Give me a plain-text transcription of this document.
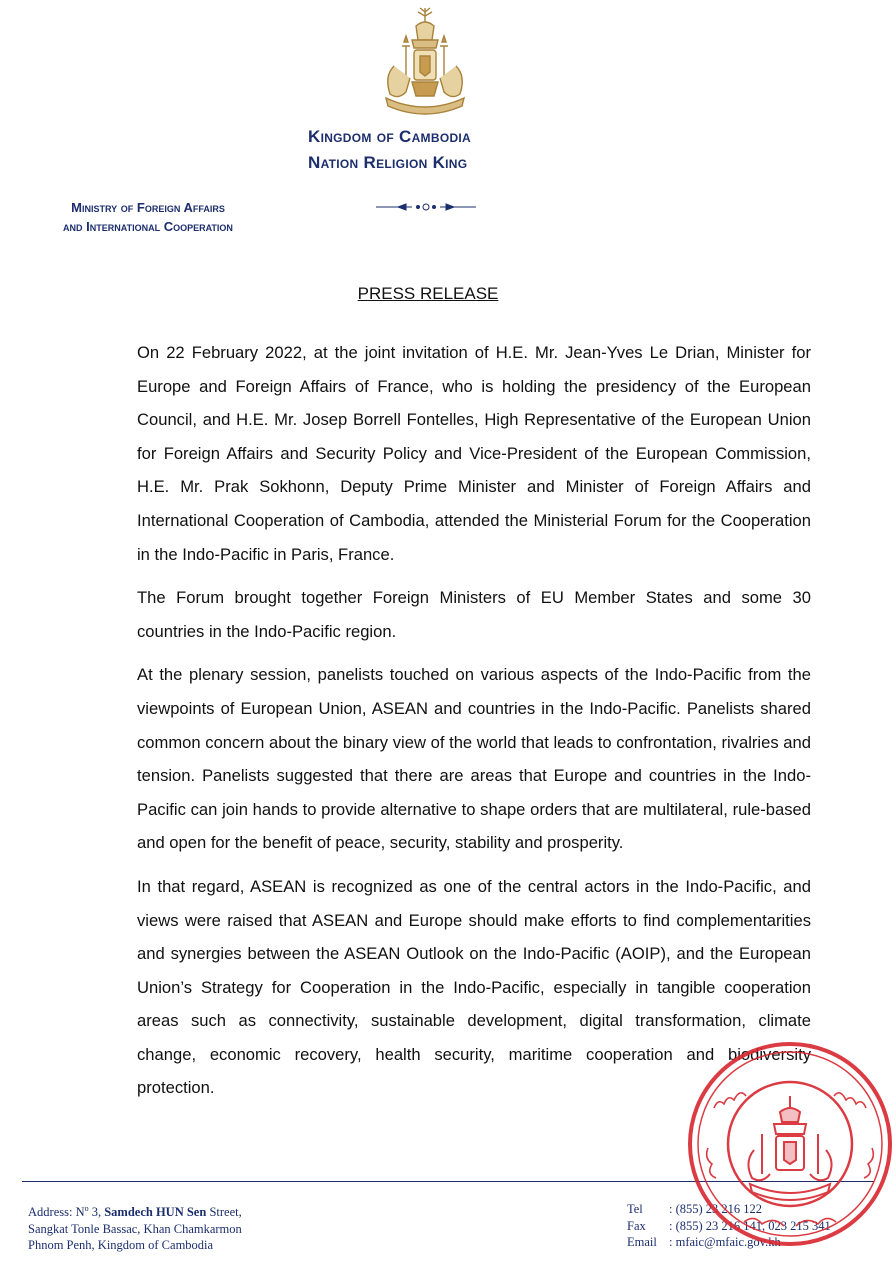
Kingdom of Cambodia
Nation Religion King
Ministry of Foreign Affairs
and International Cooperation
PRESS RELEASE

On 22 February 2022, at the joint invitation of H.E. Mr. Jean-Yves Le Drian, Minister for Europe and Foreign Affairs of France, who is holding the presidency of the European Council, and H.E. Mr. Josep Borrell Fontelles, High Representative of the European Union for Foreign Affairs and Security Policy and Vice-President of the European Commission, H.E. Mr. Prak Sokhonn, Deputy Prime Minister and Minister of Foreign Affairs and International Cooperation of Cambodia, attended the Ministerial Forum for the Cooperation in the Indo-Pacific in Paris, France.

The Forum brought together Foreign Ministers of EU Member States and some 30 countries in the Indo-Pacific region.

At the plenary session, panelists touched on various aspects of the Indo-Pacific from the viewpoints of European Union, ASEAN and countries in the Indo-Pacific. Panelists shared common concern about the binary view of the world that leads to confrontation, rivalries and tension. Panelists suggested that there are areas that Europe and countries in the Indo-Pacific can join hands to provide alternative to shape orders that are multilateral, rule-based and open for the benefit of peace, security, stability and prosperity.

In that regard, ASEAN is recognized as one of the central actors in the Indo-Pacific, and views were raised that ASEAN and Europe should make efforts to find complementarities and synergies between the ASEAN Outlook on the Indo-Pacific (AOIP), and the European Union’s Strategy for Cooperation in the Indo-Pacific, especially in tangible cooperation areas such as connectivity, sustainable development, digital transformation, climate change, economic recovery, health security, maritime cooperation and biodiversity protection.

Address: $N^o$ 3, Samdech HUN Sen Street,
Sangkat Tonle Bassac, Khan Chamkarmon
Phnom Penh, Kingdom of Cambodia
Tel	: (855) 23 216 122
Fax	: (855) 23 216 141, 023 215 341
Email : mfaic@mfaic.gov.kh
